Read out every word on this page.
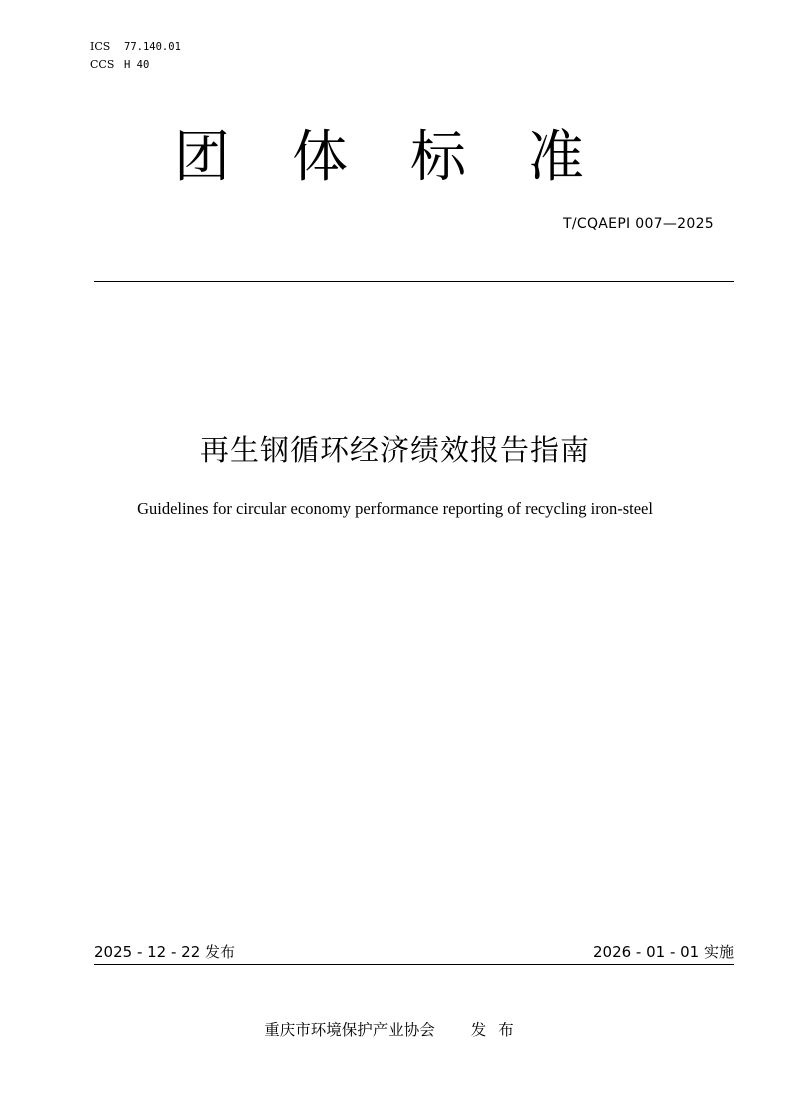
ICS 77.140.01
CCS H 40
团 体 标 准
T/CQAEPI 007—2025
再生钢循环经济绩效报告指南
Guidelines for circular economy performance reporting of recycling iron-steel
2025 - 12 - 22 发布	2026 - 01 - 01 实施
重庆市环境保护产业协会 发布
